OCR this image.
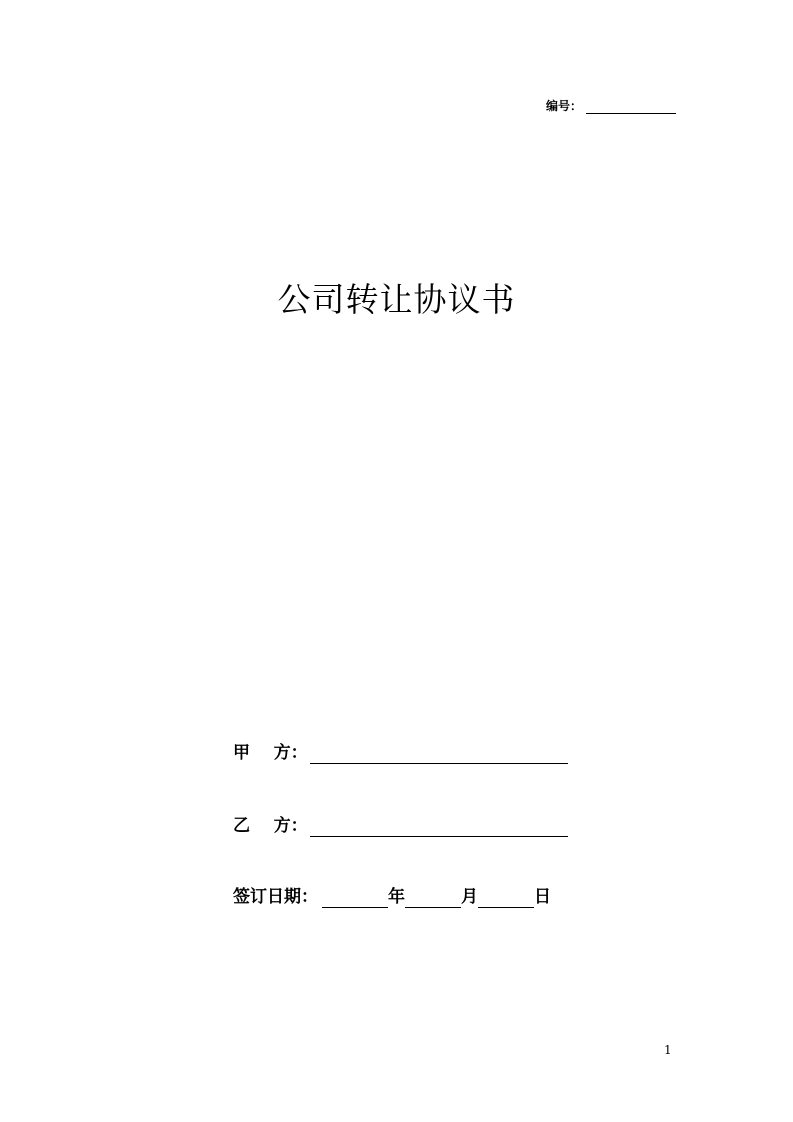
编号：
公司转让协议书
甲    方：
乙    方：
签订日期：	年	月	日
1
